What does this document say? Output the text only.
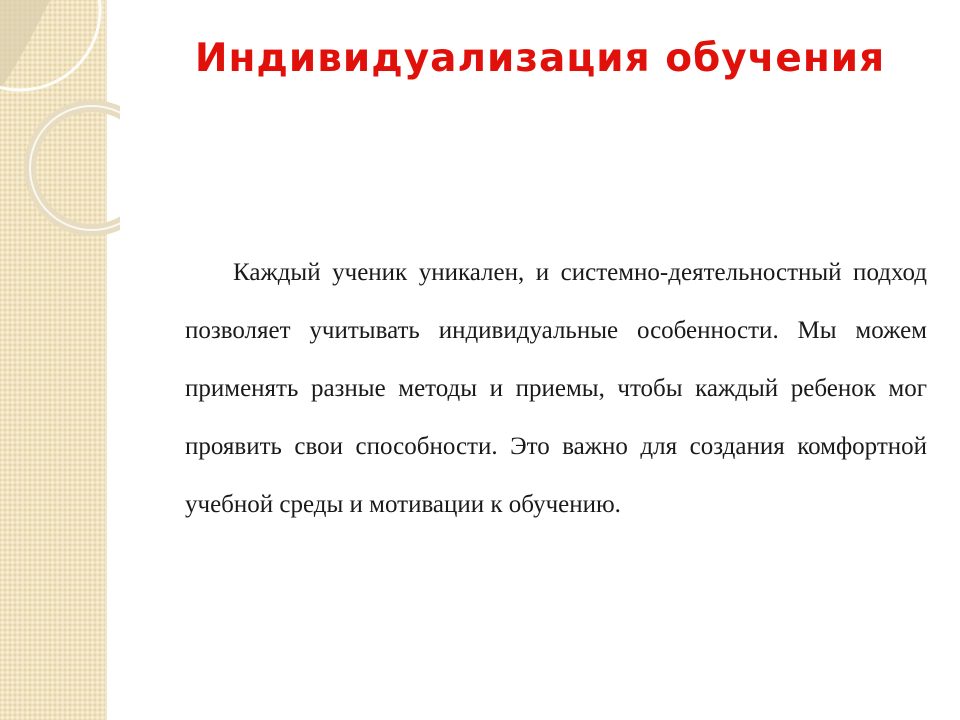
Индивидуализация обучения

Каждый ученик уникален, и системно-деятельностный подход позволяет учитывать индивидуальные особенности. Мы можем применять разные методы и приемы, чтобы каждый ребенок мог проявить свои способности. Это важно для создания комфортной учебной среды и мотивации к обучению.
